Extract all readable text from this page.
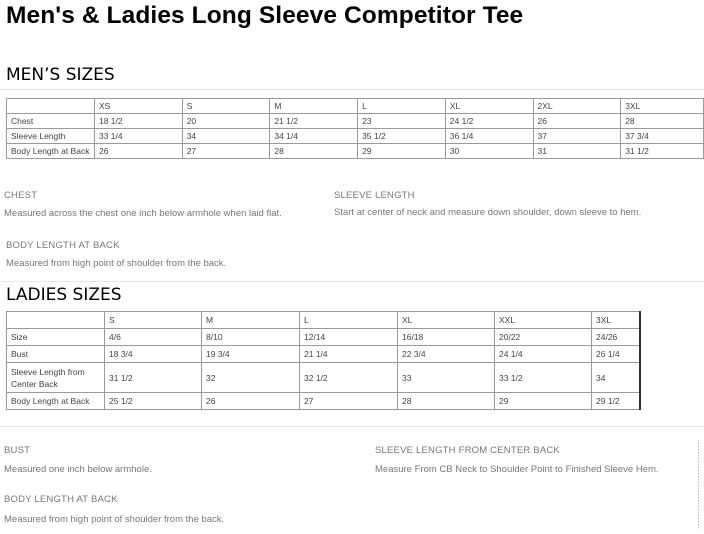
Men's & Ladies Long Sleeve Competitor Tee
MEN’S SIZES
	XS	S	M	L	XL	2XL	3XL
Chest	18 1/2	20	21 1/2	23	24 1/2	26	28
Sleeve Length	33 1/4	34	34 1/4	35 1/2	36 1/4	37	37 3/4
Body Length at Back	26	27	28	29	30	31	31 1/2
CHEST
Measured across the chest one inch below armhole when laid flat.
SLEEVE LENGTH
Start at center of neck and measure down shoulder, down sleeve to hem.
BODY LENGTH AT BACK
Measured from high point of shoulder from the back.
LADIES SIZES
	S	M	L	XL	XXL	3XL
Size	4/6	8/10	12/14	16/18	20/22	24/26
Bust	18 3/4	19 3/4	21 1/4	22 3/4	24 1/4	26 1/4
Sleeve Length from Center Back	31 1/2	32	32 1/2	33	33 1/2	34
Body Length at Back	25 1/2	26	27	28	29	29 1/2
BUST
Measured one inch below armhole.
SLEEVE LENGTH FROM CENTER BACK
Measure From CB Neck to Shoulder Point to Finished Sleeve Hem.
BODY LENGTH AT BACK
Measured from high point of shoulder from the back.
